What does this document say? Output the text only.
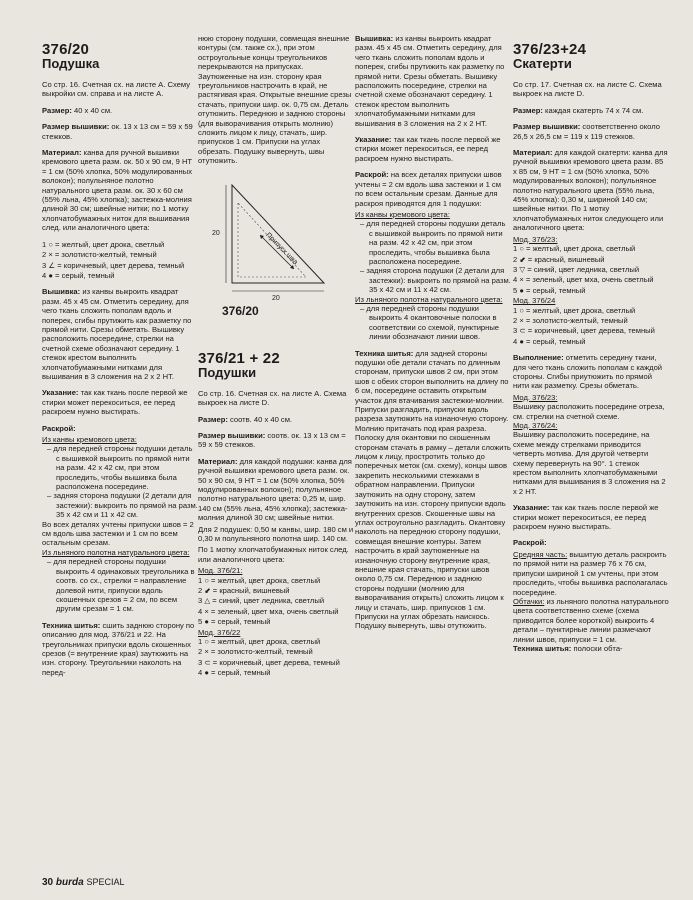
376/20
Подушка

Со стр. 16. Счетная сх. на листе А. Схему выкройки см. справа и на листе А.

Размер: 40 х 40 см.

Размер вышивки: ок. 13 х 13 см = 59 х 59 стежков.

Материал: канва для ручной вышивки кремового цвета разм. ок. 50 х 90 см, 9 НТ = 1 см (50% хлопка, 50% модулированных волокон); полульняное полотно натурального цвета разм. ок. 30 х 60 см (55% льна, 45% хлопка); застежка-молния длиной 30 см; швейные нитки; по 1 мотку хлопчатобумажных ниток для вышивания след. или аналогичного цвета:

1 ○ = желтый, цвет дрока, светлый
2 × = золотисто-желтый, темный
3 ∠ = коричневый, цвет дерева, темный
4 ● = серый, темный

Вышивка: из канвы выкроить квадрат разм. 45 х 45 см. Отметить середину, для чего ткань сложить пополам вдоль и поперек, сгибы прутижить как разметку по прямой нити. Срезы обметать. Вышивку расположить посередине, стрелки на счетной схеме обозначают середину. 1 стежок крестом выполнить хлопчатобумажными нитками для вышивания в 3 сложения на 2 х 2 НТ.

Указание: так как ткань после первой же стирки может перекоситься, ее перед раскроем нужно выстирать.

Раскрой:

Из канвы кремового цвета:
– для передней стороны подушки деталь с вышивкой выкроить по прямой нити на разм. 42 х 42 см, при этом проследить, чтобы вышивка была расположена посередине.
– задняя сторона подушки (2 детали для застежки): выкроить по прямой на разм. 35 х 42 см и 11 х 42 см.
Во всех деталях учтены припуски швов = 2 см вдоль шва застежки и 1 см по всем остальным срезам.
Из льняного полотна натурального цвета:
– для передней стороны подушки выкроить 4 одинаковых треугольника в соотв. со сх., стрелки = направление долевой нити, припуски вдоль скошенных срезов = 2 см, по всем другим срезам = 1 см.

Техника шитья: сшить заднюю сторону по описанию для мод. 376/21 и 22. На треугольниках припуски вдоль скошенных срезов (= внутренние края) заутюжить на изн. сторону. Треугольники наколоть на перед-

нюю сторону подушки, совмещая внешние контуры (см. также сх.), при этом остроугольные концы треугольников перекрываются на припусках. Заутюженные на изн. сторону края треугольников настрочить в край, не растягивая края. Открытые внешние срезы стачать, припуски шир. ок. 0,75 см. Деталь отутюжить. Переднюю и заднюю стороны (для выворачивания открыть молнию) сложить лицом к лицу, стачать, шир. припусков 1 см. Припуски на углах обрезать. Подушку вывернуть, швы отутюжить.

20
20
Припуск шва
376/20
376/21 + 22
Подушки

Со стр. 16. Счетная сх. на листе А. Схема выкроек на листе D.

Размер: соотв. 40 х 40 см.

Размер вышивки: соотв. ок. 13 х 13 см = 59 х 59 стежков.

Материал: для каждой подушки: канва для ручной вышивки кремового цвета разм. ок. 50 х 90 см, 9 НТ = 1 см (50% хлопка, 50% модулированных волокон); полульняное полотно натурального цвета: 0,25 м, шир. 140 см (55% льна, 45% хлопка); застежка-молния длиной 30 см; швейные нитки.

Для 2 подушек: 0,50 м канвы, шир. 180 см и 0,30 м полульняного полотна шир. 140 см.

По 1 мотку хлопчатобумажных ниток след. или аналогичного цвета:

Мод. 376/21:
1 ○ = желтый, цвет дрока, светлый
2 ⬋ = красный, вишневый
3 △ = синий, цвет ледника, светлый
4 × = зеленый, цвет мха, очень светлый
5 ● = серый, темный
Мод. 376/22
1 ○ = желтый, цвет дрока, светлый
2 × = золотисто-желтый, темный
3 ⊂ = коричневый, цвет дерева, темный
4 ● = серый, темный

Вышивка: из канвы выкроить квадрат разм. 45 х 45 см. Отметить середину, для чего ткань сложить пополам вдоль и поперек, сгибы прутижить как разметку по прямой нити. Срезы обметать. Вышивку расположить посередине, стрелки на счетной схеме обозначают середину. 1 стежок крестом выполнить хлопчатобумажными нитками для вышивания в 3 сложения на 2 х 2 НТ.

Указание: так как ткань после первой же стирки может перекоситься, ее перед раскроем нужно выстирать.

Раскрой: на всех деталях припуски швов учтены = 2 см вдоль шва застежки и 1 см по всем остальным срезам. Данные для раскроя приводятся для 1 подушки:

Из канвы кремового цвета:
– для передней стороны подушки деталь с вышивкой выкроить по прямой нити на разм. 42 х 42 см, при этом проследить, чтобы вышивка была расположена посередине.
– задняя сторона подушки (2 детали для застежки): выкроить по прямой на разм. 35 х 42 см и 11 х 42 см.
Из льняного полотна натурального цвета:
– для передней стороны подушки выкроить 4 окантовочные полоски в соответствии со схемой, пунктирные линии обозначают линии швов.

Техника шитья: для задней стороны подушки обе детали стачать по длинным сторонам, припуски швов 2 см, при этом шов с обеих сторон выполнить на длину по 6 см, посередине оставить открытым участок для втачивания застежки-молнии. Припуски разгладить, припуски вдоль разреза заутюжить на изнаночную сторону. Молнию притачать под края разреза. Полоску для окантовки по скошенным сторонам стачать в рамку – детали сложить лицом к лицу, простротить только до поперечных меток (см. схему), концы швов закрепить несколькими стежками в обратном направлении. Припуски заутюжить на одну сторону, затем заутюжить на изн. сторону припуски вдоль внутренних срезов. Скошенные швы на углах остроугольно разгладить. Окантовку наколоть на переднюю сторону подушки, совмещая внешние контуры. Затем настрочить в край заутюженные на изнаночную сторону внутренние края, внешние края стачать, припуски швов около 0,75 см. Переднюю и заднюю стороны подушки (молнию для выворачивания открыть) сложить лицом к лицу и стачать, шир. припусков 1 см. Припуски на углах обрезать наискось. Подушку вывернуть, швы отутюжить.

376/23+24
Скатерти

Со стр. 17. Счетная сх. на листе С. Схема выкроек на листе D.

Размер: каждая скатерть 74 х 74 см.

Размер вышивки: соответственно около 26,5 х 26,5 см = 119 х 119 стежков.

Материал: для каждой скатерти: канва для ручной вышивки кремового цвета разм. 85 х 85 см, 9 НТ = 1 см (50% хлопка, 50% модулированных волокон); полульняное полотно натурального цвета (55% льна, 45% хлопка): 0,30 м, шириной 140 см; швейные нитки. По 1 мотку хлопчатобумажных ниток следующего или аналогичного цвета:

Мод. 376/23:
1 ○ = желтый, цвет дрока, светлый
2 ⬋ = красный, вишневый
3 ▽ = синий, цвет ледника, светлый
4 × = зеленый, цвет мха, очень светлый
5 ● = серый, темный
Мод. 376/24
1 ○ = желтый, цвет дрока, светлый
2 × = золотисто-желтый, темный
3 ⊂ = коричневый, цвет дерева, темный
4 ● = серый, темный

Выполнение: отметить середину ткани, для чего ткань сложить пополам с каждой стороны. Сгибы приутюжить по прямой нити как разметку. Срезы обметать.

Мод. 376/23:
Вышивку расположить посередине отреза, см. стрелки на счетной схеме.
Мод. 376/24:

Вышивку расположить посередине, на схеме между стрелками приводится четверть мотива. Для другой четверти схему перевернуть на 90°. 1 стежок крестом выполнить хлопчатобумажными нитками для вышивания в 3 сложения на 2 х 2 НТ.

Указание: так как ткань после первой же стирки может перекоситься, ее перед раскроем нужно выстирать.

Раскрой:

Средняя часть: вышитую деталь раскроить по прямой нити на размер 76 х 76 см, припуски шириной 1 см учтены, при этом проследить, чтобы вышивка располагалась посередине.
Обтачки: из льняного полотна натурального цвета соответственно схеме (схема приводится более короткой) выкроить 4 детали – пунктирные линии размечают линии швов, припуски = 1 см.
Техника шитья: полоски обта-
30 burda SPECIAL
